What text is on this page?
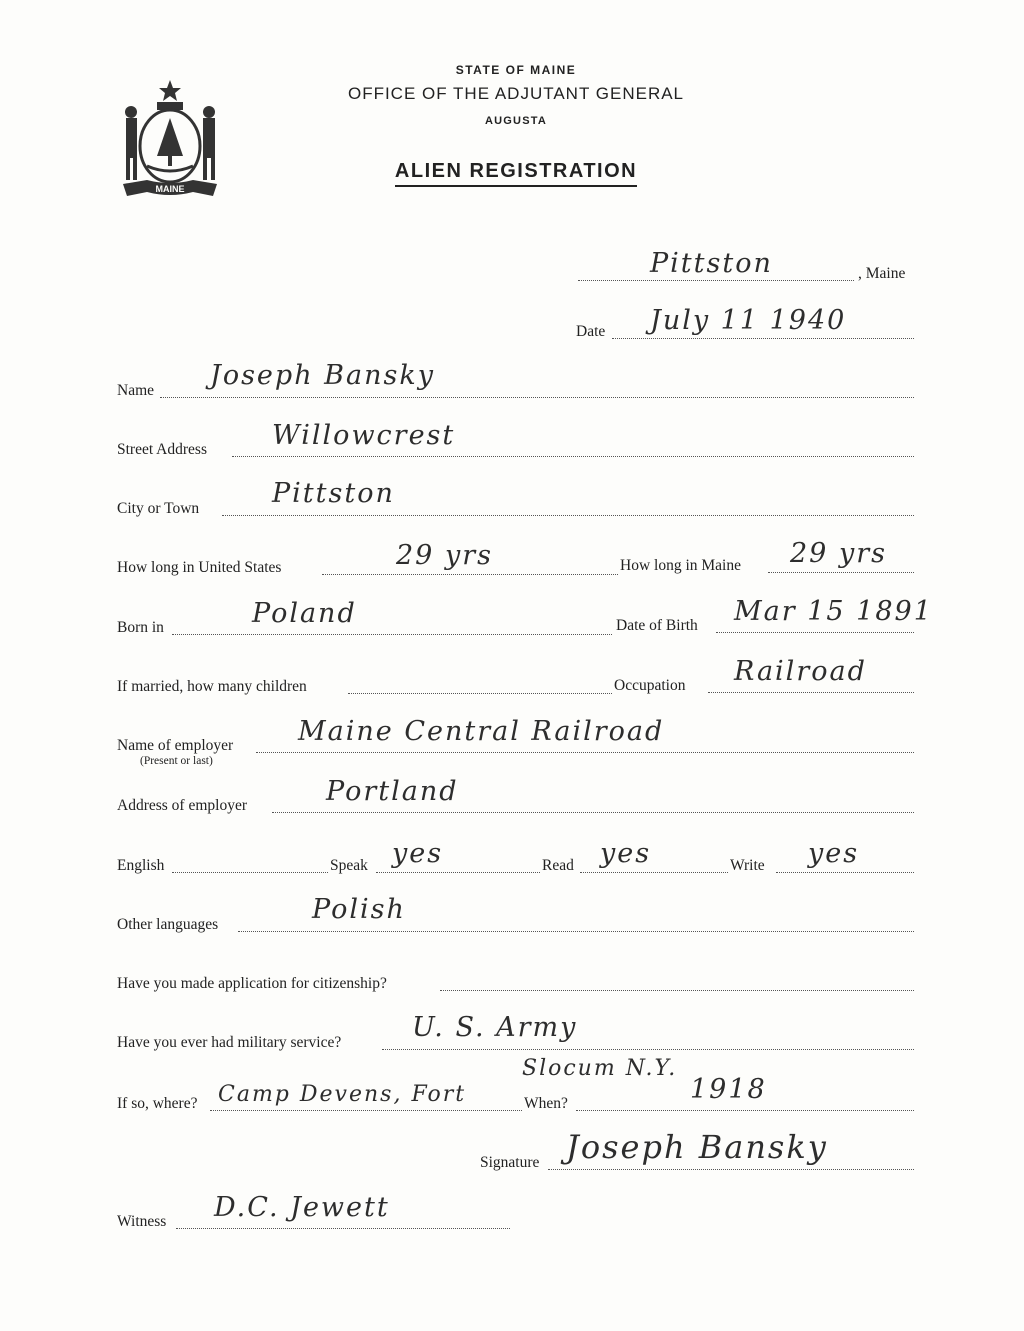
MAINE
STATE OF MAINE
OFFICE OF THE ADJUTANT GENERAL
AUGUSTA
ALIEN REGISTRATION
Pittston	, Maine
Date July 11 1940
Name Joseph Bansky
Street Address Willowcrest
City or Town	Pittston
How long in United States	29 yrs	How long in Maine 29 yrs
Born in	Poland	Date of Birth Mar 15 1891
If married, how many children	Occupation Railroad
Name of employer
(Present or last)
Maine Central Railroad
Address of employer	Portland
English	Speak yes	Read yes	Write yes
Other languages	Polish
Have you made application for citizenship?
Have you ever had military service?	U. S. Army
If so, where? Camp Devens, Fort
Slocum N.Y.
When?	1918
Signature Joseph Bansky
Witness D.C. Jewett
